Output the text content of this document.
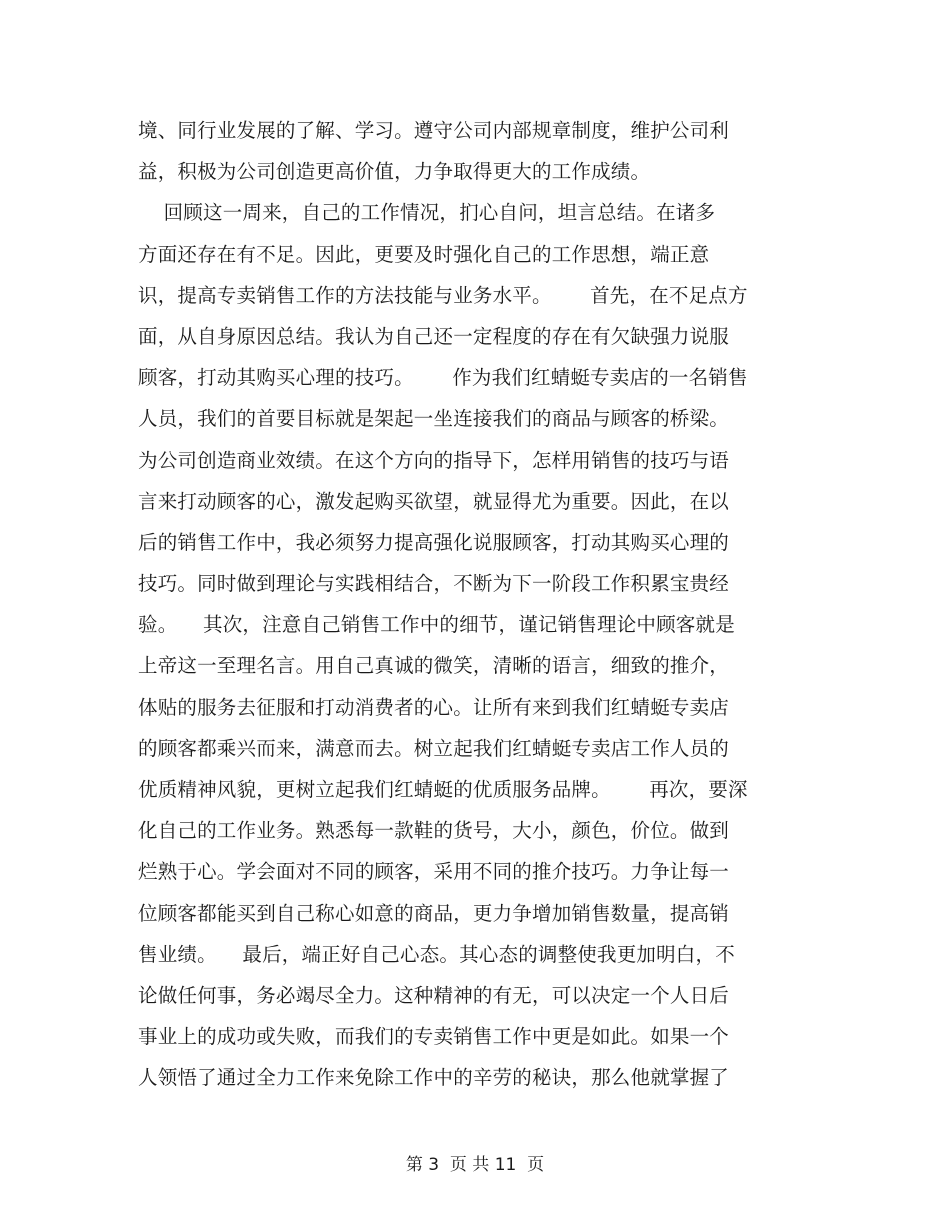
境、同行业发展的了解、学习。遵守公司内部规章制度，维护公司利
益，积极为公司创造更高价值，力争取得更大的工作成绩。
回顾这一周来，自己的工作情况，扪心自问，坦言总结。在诸多
方面还存在有不足。因此，更要及时强化自己的工作思想，端正意
识，提高专卖销售工作的方法技能与业务水平。      首先，在不足点方
面，从自身原因总结。我认为自己还一定程度的存在有欠缺强力说服
顾客，打动其购买心理的技巧。      作为我们红蜻蜓专卖店的一名销售
人员，我们的首要目标就是架起一坐连接我们的商品与顾客的桥梁。
为公司创造商业效绩。在这个方向的指导下，怎样用销售的技巧与语
言来打动顾客的心，激发起购买欲望，就显得尤为重要。因此，在以
后的销售工作中，我必须努力提高强化说服顾客，打动其购买心理的
技巧。同时做到理论与实践相结合，不断为下一阶段工作积累宝贵经
验。    其次，注意自己销售工作中的细节，谨记销售理论中顾客就是
上帝这一至理名言。用自己真诚的微笑，清晰的语言，细致的推介，
体贴的服务去征服和打动消费者的心。让所有来到我们红蜻蜓专卖店
的顾客都乘兴而来，满意而去。树立起我们红蜻蜓专卖店工作人员的
优质精神风貌，更树立起我们红蜻蜓的优质服务品牌。      再次，要深
化自己的工作业务。熟悉每一款鞋的货号，大小，颜色，价位。做到
烂熟于心。学会面对不同的顾客，采用不同的推介技巧。力争让每一
位顾客都能买到自己称心如意的商品，更力争增加销售数量，提高销
售业绩。    最后，端正好自己心态。其心态的调整使我更加明白，不
论做任何事，务必竭尽全力。这种精神的有无，可以决定一个人日后
事业上的成功或失败，而我们的专卖销售工作中更是如此。如果一个
人领悟了通过全力工作来免除工作中的辛劳的秘诀，那么他就掌握了
第 3  页 共 11  页
